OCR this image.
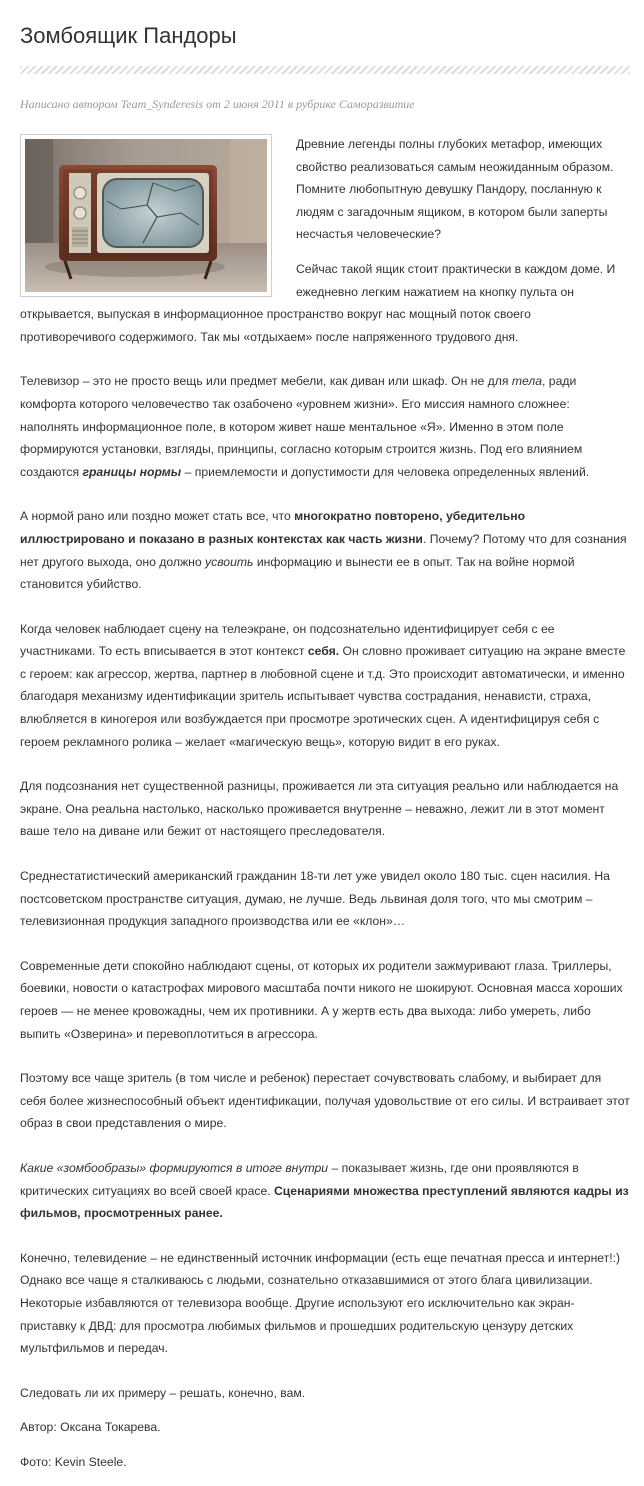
Зомбоящик Пандоры
Написано автором Team_Synderesis от 2 июня 2011 в рубрике Саморазвитие

Древние легенды полны глубоких метафор, имеющих свойство реализоваться самым неожиданным образом. Помните любопытную девушку Пандору, посланную к людям с загадочным ящиком, в котором были заперты несчастья человеческие?

Сейчас такой ящик стоит практически в каждом доме. И ежедневно легким нажатием на кнопку пульта он открывается, выпуская в информационное пространство вокруг нас мощный поток своего противоречивого содержимого. Так мы «отдыхаем» после напряженного трудового дня.

Телевизор – это не просто вещь или предмет мебели, как диван или шкаф. Он не для тела, ради комфорта которого человечество так озабочено «уровнем жизни». Его миссия намного сложнее: наполнять информационное поле, в котором живет наше ментальное «Я». Именно в этом поле формируются установки, взгляды, принципы, согласно которым строится жизнь. Под его влиянием создаются границы нормы – приемлемости и допустимости для человека определенных явлений.

А нормой рано или поздно может стать все, что многократно повторено, убедительно иллюстрировано и показано в разных контекстах как часть жизни. Почему? Потому что для сознания нет другого выхода, оно должно усвоить информацию и вынести ее в опыт. Так на войне нормой становится убийство.

Когда человек наблюдает сцену на телеэкране, он подсознательно идентифицирует себя с ее участниками. То есть вписывается в этот контекст себя. Он словно проживает ситуацию на экране вместе с героем: как агрессор, жертва, партнер в любовной сцене и т.д. Это происходит автоматически, и именно благодаря механизму идентификации зритель испытывает чувства сострадания, ненависти, страха, влюбляется в киногероя или возбуждается при просмотре эротических сцен. А идентифицируя себя с героем рекламного ролика – желает «магическую вещь», которую видит в его руках.

Для подсознания нет существенной разницы, проживается ли эта ситуация реально или наблюдается на экране. Она реальна настолько, насколько проживается внутренне – неважно, лежит ли в этот момент ваше тело на диване или бежит от настоящего преследователя.

Среднестатистический американский гражданин 18-ти лет уже увидел около 180 тыс. сцен насилия. На постсоветском пространстве ситуация, думаю, не лучше. Ведь львиная доля того, что мы смотрим – телевизионная продукция западного производства или ее «клон»…

Современные дети спокойно наблюдают сцены, от которых их родители зажмуривают глаза. Триллеры, боевики, новости о катастрофах мирового масштаба почти никого не шокируют. Основная масса хороших героев — не менее кровожадны, чем их противники. А у жертв есть два выхода: либо умереть, либо выпить «Озверина» и перевоплотиться в агрессора.

Поэтому все чаще зритель (в том числе и ребенок) перестает сочувствовать слабому, и выбирает для себя более жизнеспособный объект идентификации, получая удовольствие от его силы. И встраивает этот образ в свои представления о мире.

Какие «зомбообразы» формируются в итоге внутри – показывает жизнь, где они проявляются в критических ситуациях во всей своей красе. Сценариями множества преступлений являются кадры из фильмов, просмотренных ранее.

Конечно, телевидение – не единственный источник информации (есть еще печатная пресса и интернет!:) Однако все чаще я сталкиваюсь с людьми, сознательно отказавшимися от этого блага цивилизации. Некоторые избавляются от телевизора вообще. Другие используют его исключительно как экран-приставку к ДВД: для просмотра любимых фильмов и прошедших родительскую цензуру детских мультфильмов и передач.

Следовать ли их примеру – решать, конечно, вам.

Автор: Оксана Токарева.

Фото: Kevin Steele.
